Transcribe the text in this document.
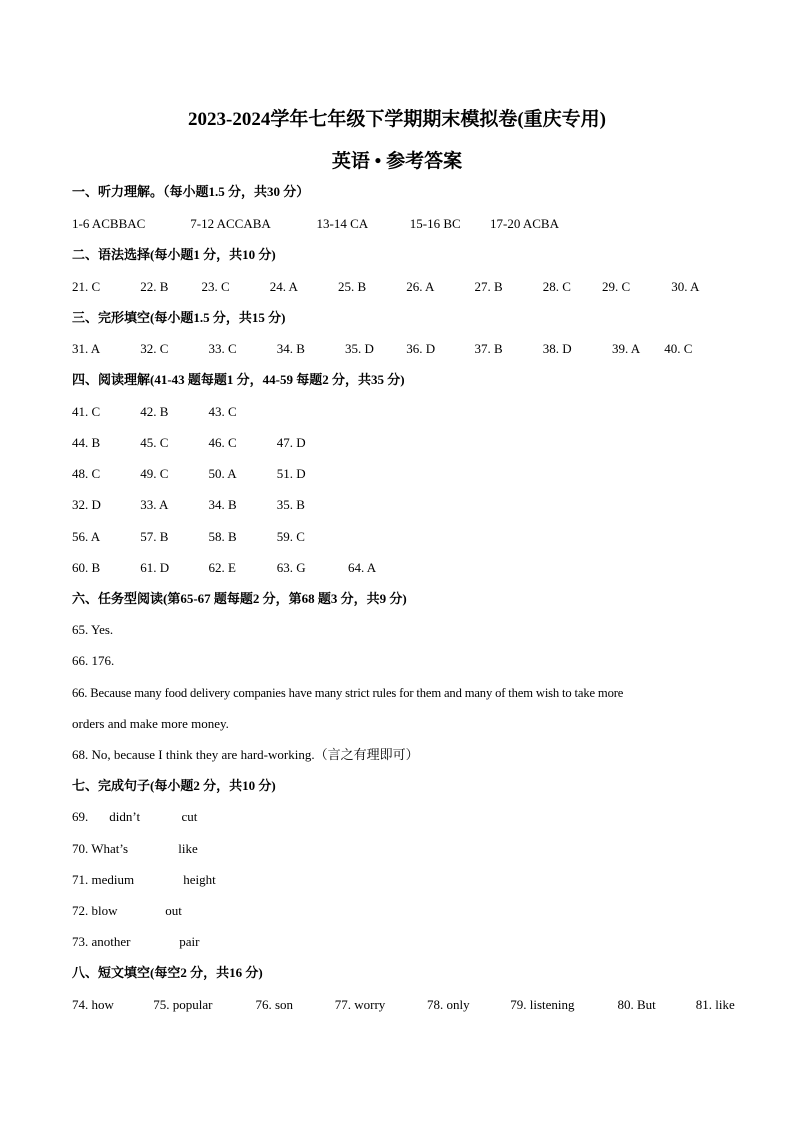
2023-2024学年七年级下学期期末模拟卷(重庆专用)
英语 • 参考答案
一、听力理解。（每小题1.5 分，共30 分）
1-6 ACBBAC	7-12 ACCABA	13-14 CA	15-16 BC 17-20 ACBA
二、语法选择(每小题1 分，共10 分)
21. C	22. B	23. C	24. A	25. B	26. A	27. B	28. C 29. C	30. A
三、完形填空(每小题1.5 分，共15 分)
31. A	32. C	33. C	34. B	35. D 36. D	37. B	38. D	39. A 40. C
四、阅读理解(41-43 题每题1 分，44-59 每题2 分，共35 分)
41. C	42. B	43. C
44. B	45. C	46. C	47. D
48. C	49. C	50. A	51. D
32. D	33. A	34. B	35. B
56. A	57. B	58. B	59. C
60. B	61. D	62. E	63. G	64. A
六、任务型阅读(第65-67 题每题2 分，第68 题3 分，共9 分)
65. Yes.
66. 176.
66. Because many food delivery companies have many strict rules for them and many of them wish to take more
orders and make more money.
68. No, because I think they are hard-working.（言之有理即可）
七、完成句子(每小题2 分，共10 分)
69. didn’t	cut
70. What’s	like
71. medium	height
72. blow	out
73. another	pair
八、短文填空(每空2 分，共16 分)
74. how	75. popular	76. son	77. worry	78. only	79. listening	80. But	81. like
